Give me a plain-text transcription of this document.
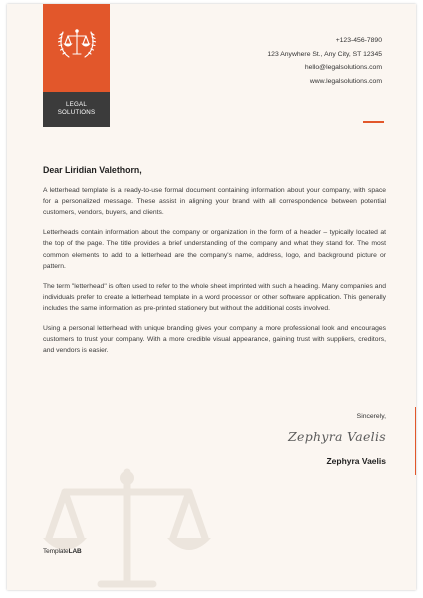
LEGAL
SOLUTIONS
+123-456-7890
123 Anywhere St., Any City, ST 12345
hello@legalsolutions.com
www.legalsolutions.com
Dear Liridian Valethorn,

A letterhead template is a ready-to-use formal document containing information about your company, with space for a personalized message. These assist in aligning your brand with all correspondence between potential customers, vendors, buyers, and clients.

Letterheads contain information about the company or organization in the form of a header – typically located at the top of the page. The title provides a brief understanding of the company and what they stand for. The most common elements to add to a letterhead are the company's name, address, logo, and background picture or pattern.

The term "letterhead" is often used to refer to the whole sheet imprinted with such a heading. Many companies and individuals prefer to create a letterhead template in a word processor or other software application. This generally includes the same information as pre-printed stationery but without the additional costs involved.

Using a personal letterhead with unique branding gives your company a more professional look and encourages customers to trust your company. With a more credible visual appearance, gaining trust with suppliers, creditors, and vendors is easier.

Sincerely,
Zephyra Vaelis
Zephyra Vaelis
TemplateLAB
